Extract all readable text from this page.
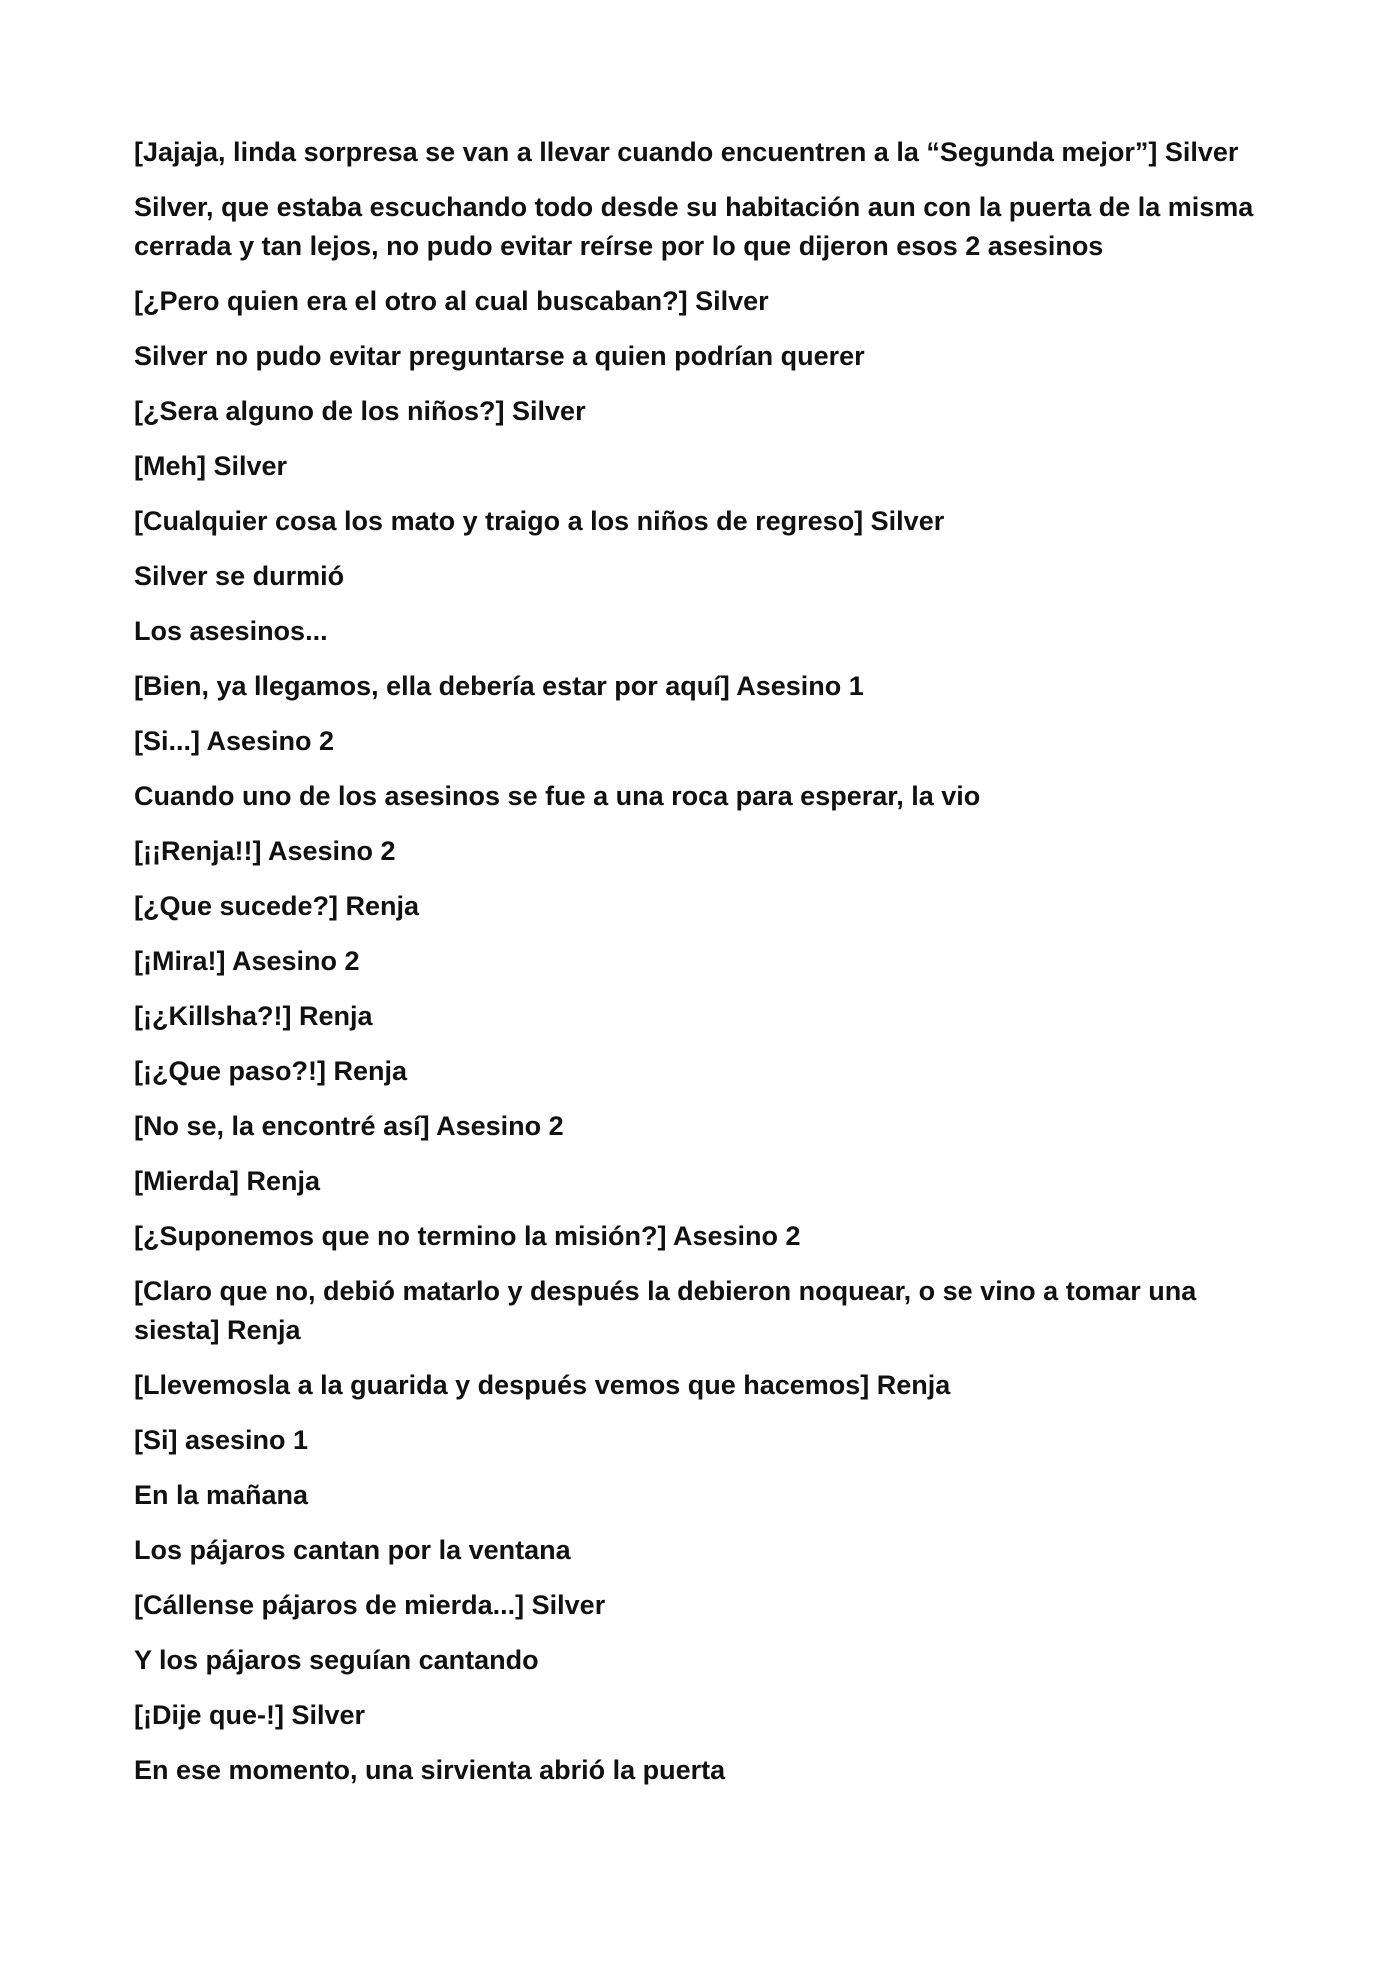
[Jajaja, linda sorpresa se van a llevar cuando encuentren a la “Segunda mejor”] Silver

Silver, que estaba escuchando todo desde su habitación aun con la puerta de la misma cerrada y tan lejos, no pudo evitar reírse por lo que dijeron esos 2 asesinos

[¿Pero quien era el otro al cual buscaban?] Silver

Silver no pudo evitar preguntarse a quien podrían querer

[¿Sera alguno de los niños?] Silver

[Meh] Silver

[Cualquier cosa los mato y traigo a los niños de regreso] Silver

Silver se durmió

Los asesinos...

[Bien, ya llegamos, ella debería estar por aquí] Asesino 1

[Si...] Asesino 2

Cuando uno de los asesinos se fue a una roca para esperar, la vio

[¡¡Renja!!] Asesino 2

[¿Que sucede?] Renja

[¡Mira!] Asesino 2

[¡¿Killsha?!] Renja

[¡¿Que paso?!] Renja

[No se, la encontré así] Asesino 2

[Mierda] Renja

[¿Suponemos que no termino la misión?] Asesino 2

[Claro que no, debió matarlo y después la debieron noquear, o se vino a tomar una siesta] Renja

[Llevemosla a la guarida y después vemos que hacemos] Renja

[Si] asesino 1

En la mañana

Los pájaros cantan por la ventana

[Cállense pájaros de mierda...] Silver

Y los pájaros seguían cantando

[¡Dije que-!] Silver

En ese momento, una sirvienta abrió la puerta
